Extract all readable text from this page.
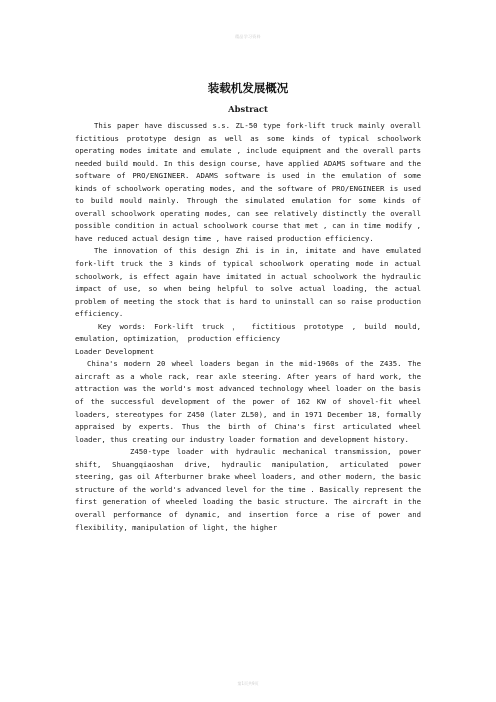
精品学习资料
装载机发展概况
Abstract

This paper have discussed s.s. ZL-50 type fork-lift truck mainly overall fictitious prototype design as well as some kinds of typical schoolwork operating modes imitate and emulate , include equipment and the overall parts needed build mould. In this design course, have applied ADAMS software and the software of PRO/ENGINEER. ADAMS software is used in the emulation of some kinds of schoolwork operating modes, and the software of PRO/ENGINEER is used to build mould mainly. Through the simulated emulation for some kinds of overall schoolwork operating modes, can see relatively distinctly the overall possible condition in actual schoolwork course that met , can in time modify , have reduced actual design time , have raised production efficiency.

The innovation of this design Zhi is in in, imitate and have emulated fork-lift truck the 3 kinds of typical schoolwork operating mode in actual schoolwork, is effect again have imitated in actual schoolwork the hydraulic impact of use, so when being helpful to solve actual loading, the actual problem of meeting the stock that is hard to uninstall can so raise production efficiency.

Key words: Fork-lift truck ， fictitious prototype , build mould, emulation, optimization， production efficiency

Loader Development

China's modern 20 wheel loaders began in the mid-1960s of the Z435. The aircraft as a whole rack, rear axle steering. After years of hard work, the attraction was the world's most advanced technology wheel loader on the basis of the successful development of the power of 162 KW of shovel-fit wheel loaders, stereotypes for Z450 (later ZL50), and in 1971 December 18, formally appraised by experts. Thus the birth of China's first articulated wheel loader, thus creating our industry loader formation and development history.

Z450-type loader with hydraulic mechanical transmission, power shift, Shuangqiaoshan drive, hydraulic manipulation, articulated power steering, gas oil Afterburner brake wheel loaders, and other modern, the basic structure of the world's advanced level for the time . Basically represent the first generation of wheeled loading the basic structure. The aircraft in the overall performance of dynamic, and insertion force a rise of power and flexibility, manipulation of light, the higher

第1页共9页
